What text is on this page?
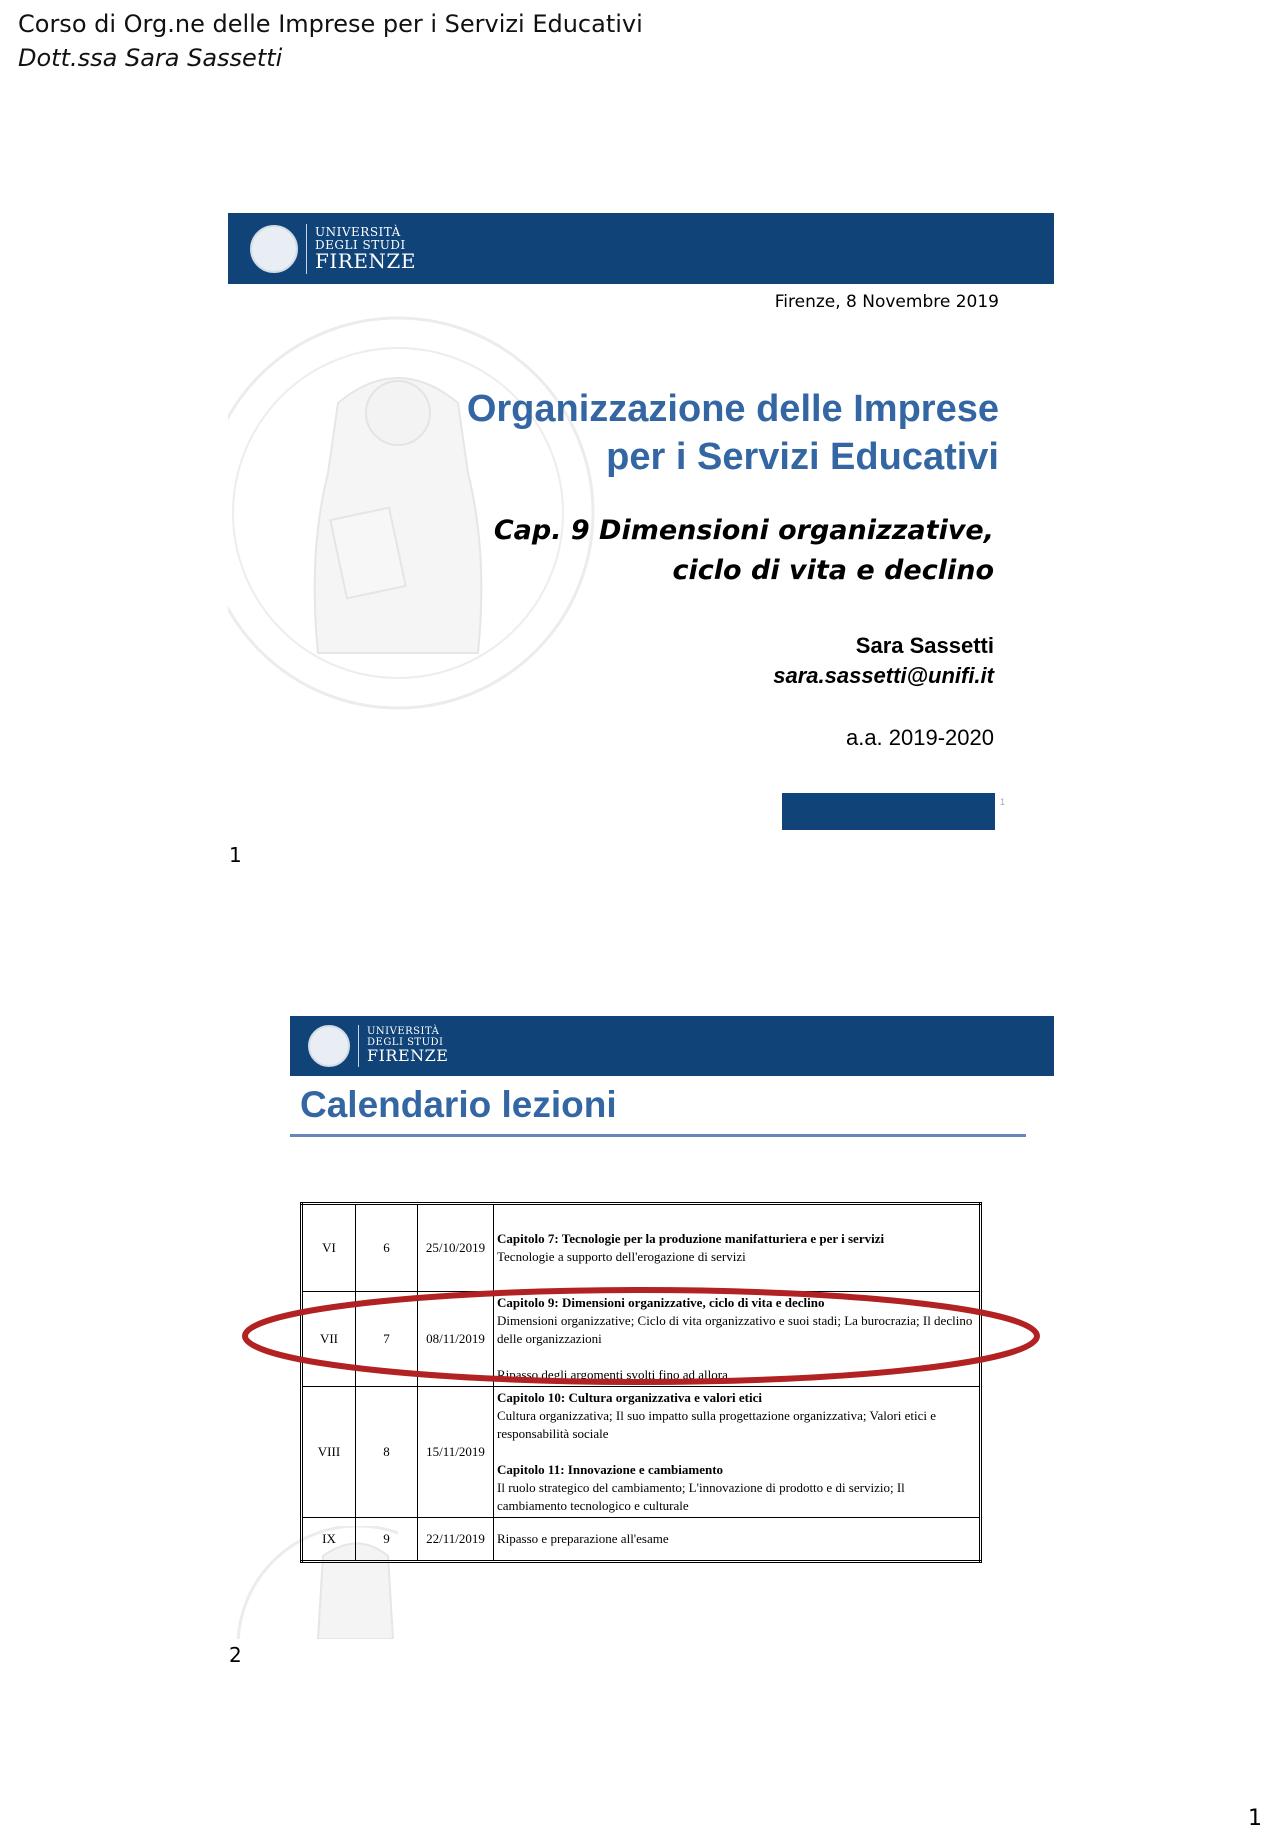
Corso di Org.ne delle Imprese per i Servizi Educativi
Dott.ssa Sara Sassetti
UNIVERSITÀ
DEGLI STUDI
FIRENZE
Firenze, 8 Novembre 2019
Organizzazione delle Imprese
per i Servizi Educativi
Cap. 9 Dimensioni organizzative,
ciclo di vita e declino
Sara Sassetti
sara.sassetti@unifi.it
a.a. 2019-2020
1
1
UNIVERSITÀ
DEGLI STUDI
FIRENZE
Calendario lezioni
VI	6	25/10/2019	Capitolo 7: Tecnologie per la produzione manifatturiera e per i servizi
Tecnologie a supporto dell'erogazione di servizi
VII	7	08/11/2019	Capitolo 9: Dimensioni organizzative, ciclo di vita e declino
Dimensioni organizzative; Ciclo di vita organizzativo e suoi stadi; La burocrazia; Il declino delle organizzazioni

Ripasso degli argomenti svolti fino ad allora
VIII	8	15/11/2019	Capitolo 10: Cultura organizzativa e valori etici
Cultura organizzativa; Il suo impatto sulla progettazione organizzativa; Valori etici e responsabilità sociale

Capitolo 11: Innovazione e cambiamento
Il ruolo strategico del cambiamento; L'innovazione di prodotto e di servizio; Il cambiamento tecnologico e culturale
IX	9	22/11/2019	Ripasso e preparazione all'esame
2
1
